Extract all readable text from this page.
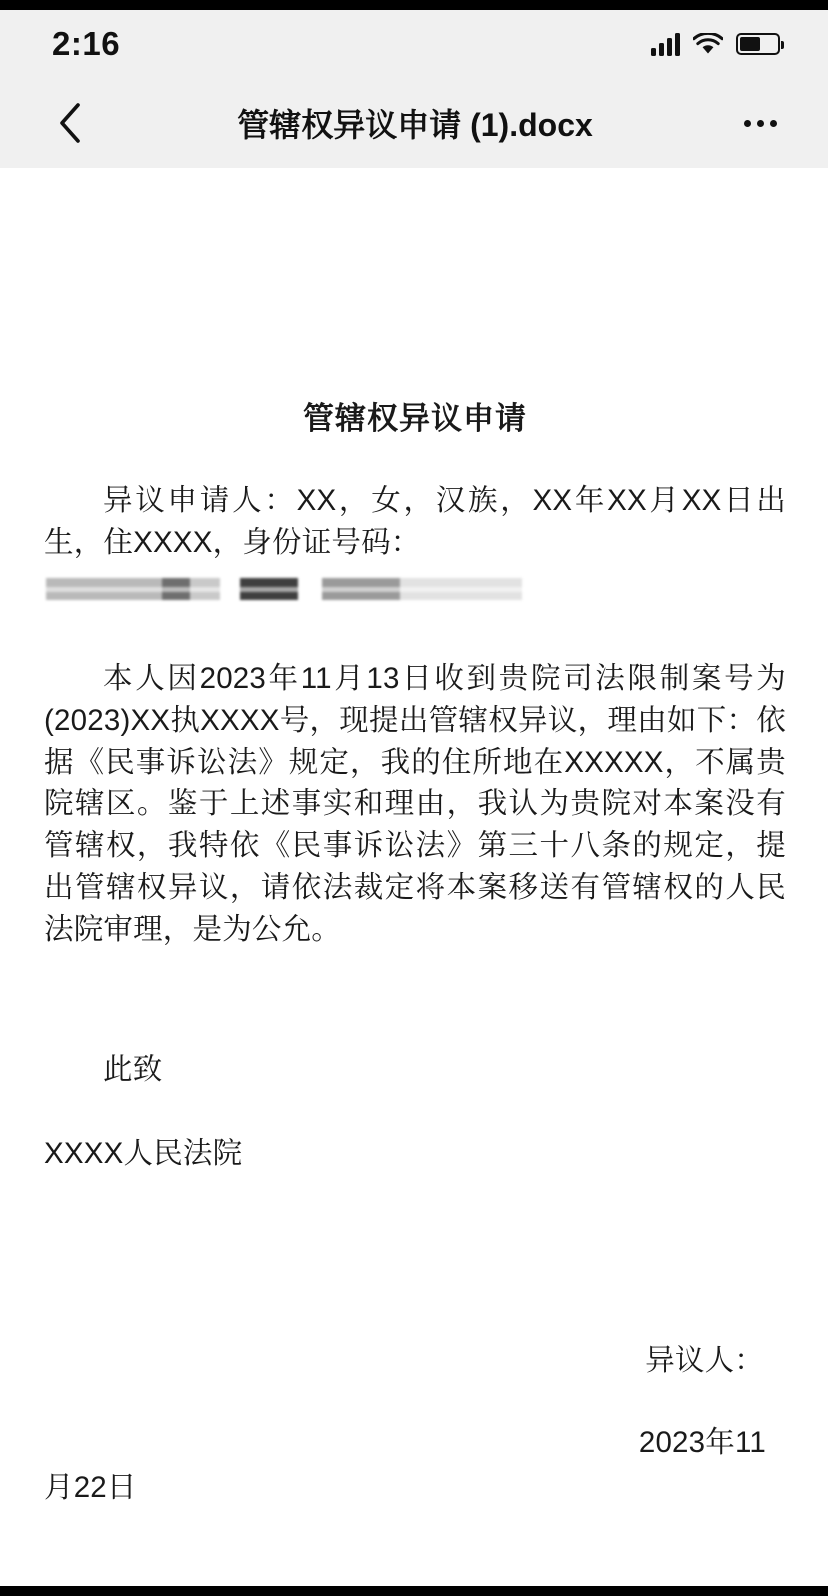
2:16
管辖权异议申请 (1).docx
管辖权异议申请

异议申请人：XX，女，汉族，XX年XX月XX日出生，住XXXX，身份证号码：

本人因2023年11月13日收到贵院司法限制案号为(2023)XX执XXXX号，现提出管辖权异议，理由如下：依据《民事诉讼法》规定，我的住所地在XXXXX，不属贵院辖区。鉴于上述事实和理由，我认为贵院对本案没有管辖权，我特依《民事诉讼法》第三十八条的规定，提出管辖权异议，请依法裁定将本案移送有管辖权的人民法院审理，是为公允。

此致

XXXX人民法院

异议人：

2023年11

月22日
